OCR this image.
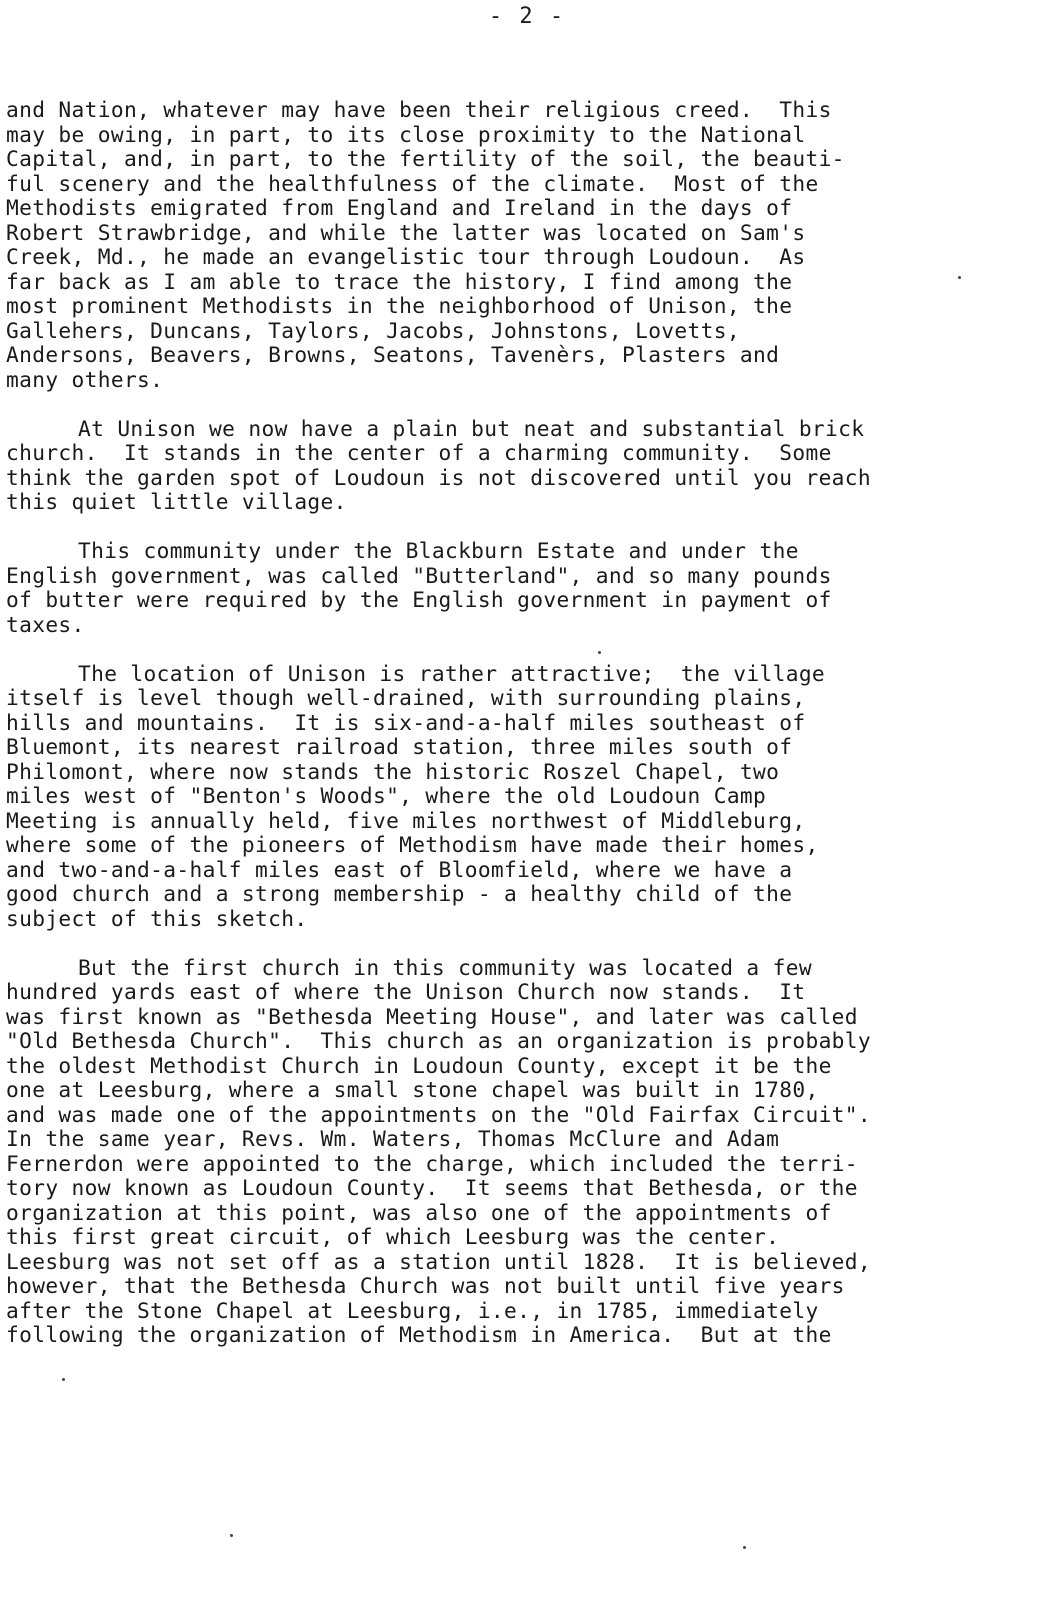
- 2 -
and Nation, whatever may have been their religious creed.  This
may be owing, in part, to its close proximity to the National
Capital, and, in part, to the fertility of the soil, the beauti-
ful scenery and the healthfulness of the climate.  Most of the
Methodists emigrated from England and Ireland in the days of
Robert Strawbridge, and while the latter was located on Sam's
Creek, Md., he made an evangelistic tour through Loudoun.  As
far back as I am able to trace the history, I find among the
most prominent Methodists in the neighborhood of Unison, the
Gallehers, Duncans, Taylors, Jacobs, Johnstons, Lovetts,
Andersons, Beavers, Browns, Seatons, Tavenèrs, Plasters and
many others.
At Unison we now have a plain but neat and substantial brick
church.  It stands in the center of a charming community.  Some
think the garden spot of Loudoun is not discovered until you reach
this quiet little village.
This community under the Blackburn Estate and under the
English government, was called "Butterland", and so many pounds
of butter were required by the English government in payment of
taxes.
The location of Unison is rather attractive;  the village
itself is level though well-drained, with surrounding plains,
hills and mountains.  It is six-and-a-half miles southeast of
Bluemont, its nearest railroad station, three miles south of
Philomont, where now stands the historic Roszel Chapel, two
miles west of "Benton's Woods", where the old Loudoun Camp
Meeting is annually held, five miles northwest of Middleburg,
where some of the pioneers of Methodism have made their homes,
and two-and-a-half miles east of Bloomfield, where we have a
good church and a strong membership - a healthy child of the
subject of this sketch.
But the first church in this community was located a few
hundred yards east of where the Unison Church now stands.  It
was first known as "Bethesda Meeting House", and later was called
"Old Bethesda Church".  This church as an organization is probably
the oldest Methodist Church in Loudoun County, except it be the
one at Leesburg, where a small stone chapel was built in 1780,
and was made one of the appointments on the "Old Fairfax Circuit".
In the same year, Revs. Wm. Waters, Thomas McClure and Adam
Fernerdon were appointed to the charge, which included the terri-
tory now known as Loudoun County.  It seems that Bethesda, or the
organization at this point, was also one of the appointments of
this first great circuit, of which Leesburg was the center.
Leesburg was not set off as a station until 1828.  It is believed,
however, that the Bethesda Church was not built until five years
after the Stone Chapel at Leesburg, i.e., in 1785, immediately
following the organization of Methodism in America.  But at the
